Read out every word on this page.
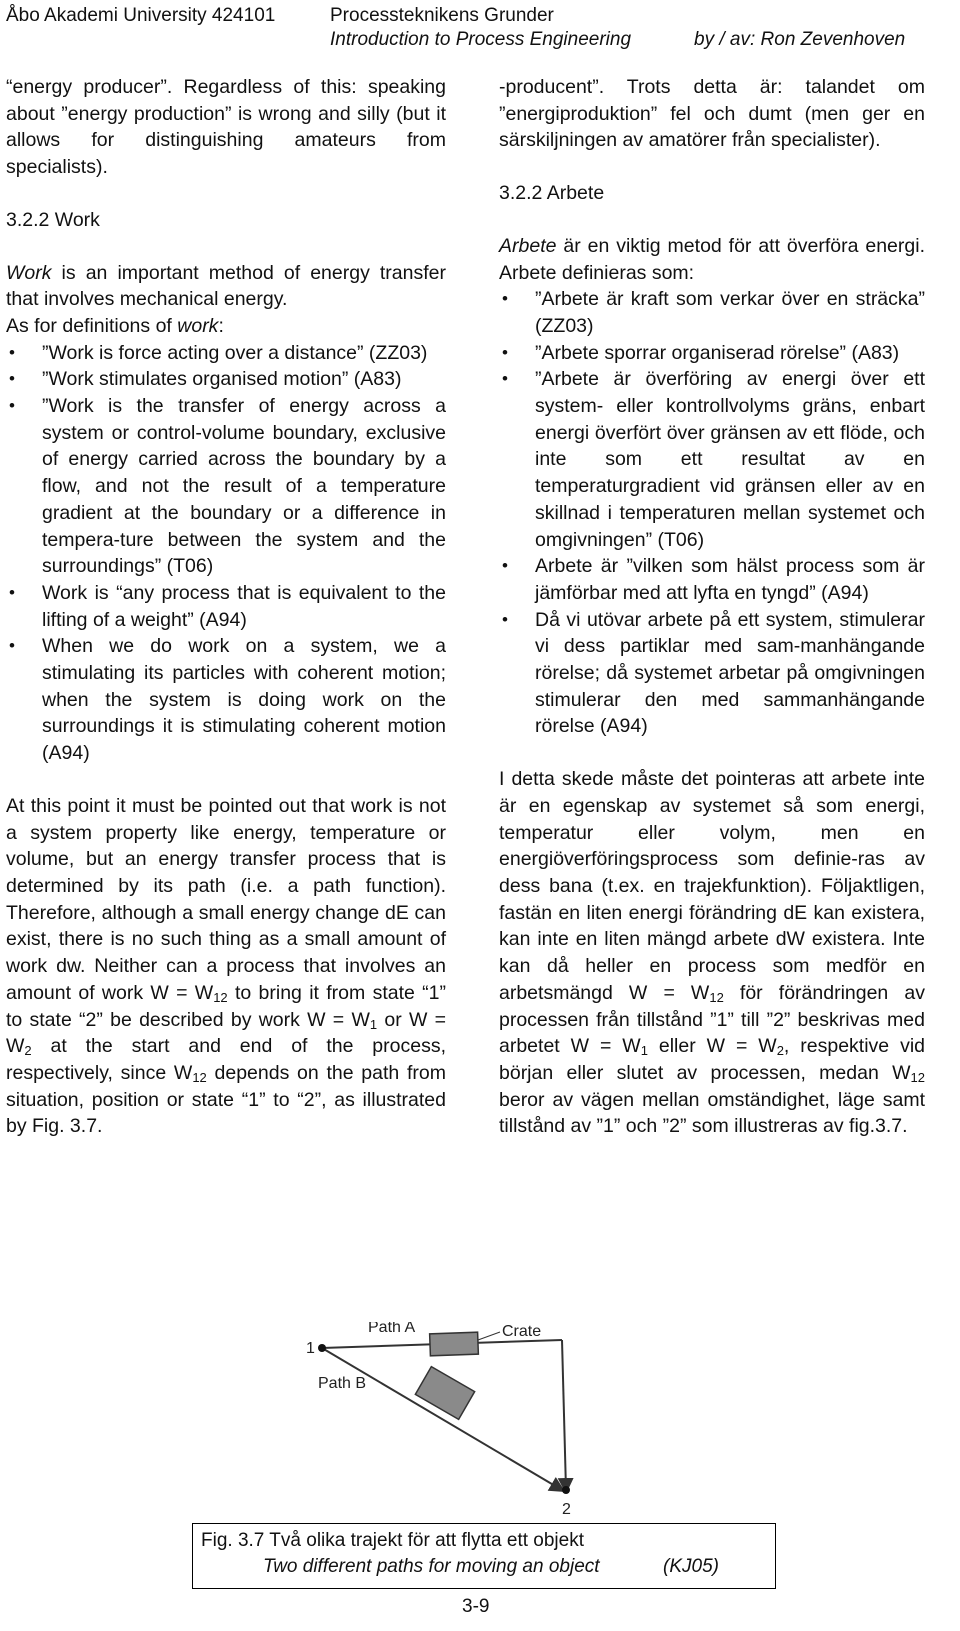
Åbo Akademi University 424101	Processteknikens Grunder
Introduction to Process Engineering	by / av: Ron Zevenhoven

“energy producer”. Regardless of this: speaking about ”energy production” is wrong and silly (but it allows for distinguishing amateurs from specialists).

3.2.2 Work

Work is an important method of energy transfer that involves mechanical energy.

As for definitions of work:

• ”Work is force acting over a distance” (ZZ03)
• ”Work stimulates organised motion” (A83)
• ”Work is the transfer of energy across a system or control-volume boundary, exclusive of energy carried across the boundary by a flow, and not the result of a temperature gradient at the boundary or a difference in tempera-ture between the system and the surroundings” (T06)
• Work is “any process that is equivalent to the lifting of a weight” (A94)
• When we do work on a system, we a stimulating its particles with coherent motion; when the system is doing work on the surroundings it is stimulating coherent motion (A94)

At this point it must be pointed out that work is not a system property like energy, temperature or volume, but an energy transfer process that is determined by its path (i.e. a path function). Therefore, although a small energy change dE can exist, there is no such thing as a small amount of work dw. Neither can a process that involves an amount of work $W = W_{12}$ to bring it from state “1” to state “2” be described by work $W = W_1$ or $W = W_2$ at the start and end of the process, respectively, since $W_{12}$ depends on the path from situation, position or state “1” to “2”, as illustrated by Fig. 3.7.

-producent”. Trots detta är: talandet om ”energiproduktion” fel och dumt (men ger en särskiljningen av amatörer från specialister).

3.2.2 Arbete

Arbete är en viktig metod för att överföra energi. Arbete definieras som:

• ”Arbete är kraft som verkar över en sträcka” (ZZ03)
• ”Arbete sporrar organiserad rörelse” (A83)
• ”Arbete är överföring av energi över ett system- eller kontrollvolyms gräns, enbart energi överfört över gränsen av ett flöde, och inte som ett resultat av en temperaturgradient vid gränsen eller av en skillnad i temperaturen mellan systemet och omgivningen” (T06)
• Arbete är ”vilken som hälst process som är jämförbar med att lyfta en tyngd” (A94)
• Då vi utövar arbete på ett system, stimulerar vi dess partiklar med sam-manhängande rörelse; då systemet arbetar på omgivningen stimulerar den med sammanhängande rörelse (A94)

I detta skede måste det pointeras att arbete inte är en egenskap av systemet så som energi, temperatur eller volym, men en energiöverföringsprocess som definie-ras av dess bana (t.ex. en trajekfunktion). Följaktligen, fastän en liten energi förändring dE kan existera, kan inte en liten mängd arbete dW existera. Inte kan då heller en process som medför en arbetsmängd $W = W_{12}$ för förändringen av processen från tillstånd ”1” till ”2” beskrivas med arbetet $W = W_1$ eller $W = W_2$, respektive vid början eller slutet av processen, medan $W_{12}$ beror av vägen mellan omständighet, läge samt tillstånd av ”1” och ”2” som illustreras av fig.3.7.

Path A
Path B
Crate
1
2
Fig. 3.7 Två olika trajekt för att flytta ett objekt
Two different paths for moving an object	(KJ05)
3-9
